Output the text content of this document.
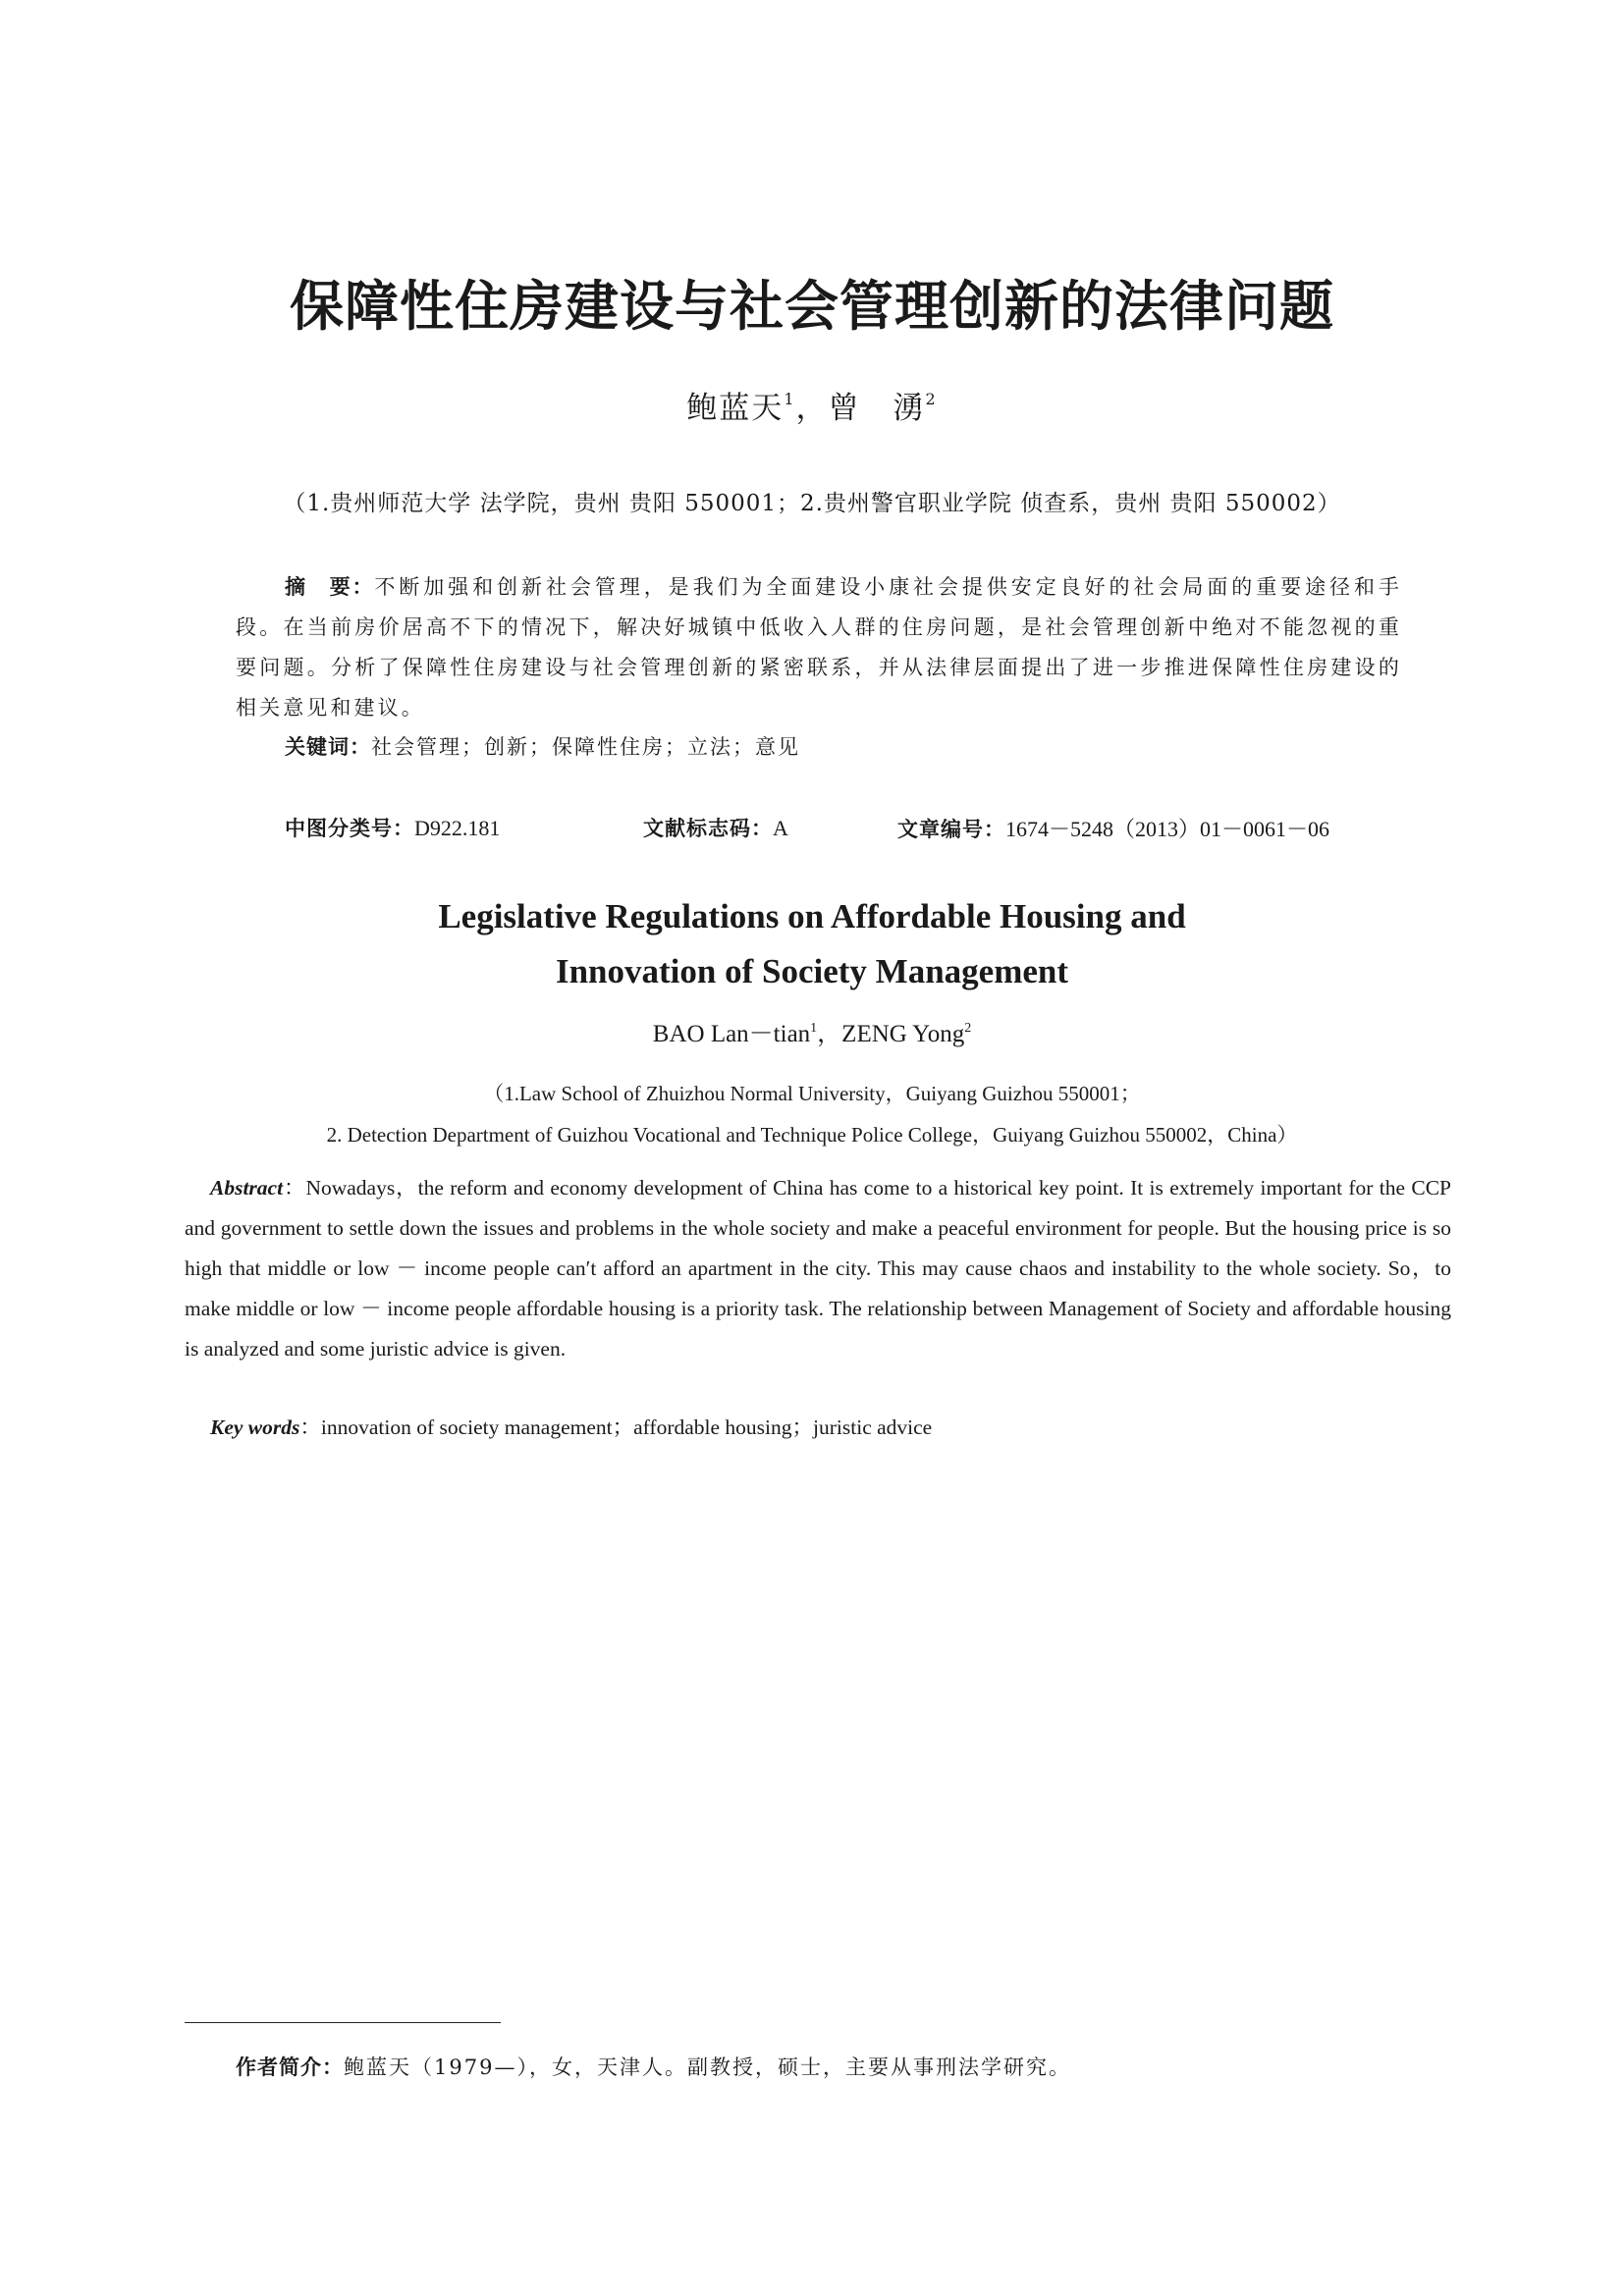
保障性住房建设与社会管理创新的法律问题
鲍蓝天$^1$，曾　湧$^2$
（1.贵州师范大学 法学院，贵州 贵阳 550001；2.贵州警官职业学院 侦查系，贵州 贵阳 550002）
摘　要：不断加强和创新社会管理，是我们为全面建设小康社会提供安定良好的社会局面的重要途径和手段。在当前房价居高不下的情况下，解决好城镇中低收入人群的住房问题，是社会管理创新中绝对不能忽视的重要问题。分析了保障性住房建设与社会管理创新的紧密联系，并从法律层面提出了进一步推进保障性住房建设的相关意见和建议。
关键词：社会管理；创新；保障性住房；立法；意见
中图分类号：D922.181	文献标志码：A	文章编号：1674－5248（2013）01－0061－06
Legislative Regulations on Affordable Housing and
Innovation of Society Management
BAO Lan－tian$^1$，ZENG Yong$^2$
（1.Law School of Zhuizhou Normal University，Guiyang Guizhou 550001；
2. Detection Department of Guizhou Vocational and Technique Police College，Guiyang Guizhou 550002，China）
Abstract：Nowadays，the reform and economy development of China has come to a historical key point. It is extremely important for the CCP and government to settle down the issues and problems in the whole society and make a peaceful environment for people. But the housing price is so high that middle or low － income people can′t afford an apartment in the city. This may cause chaos and instability to the whole society. So，to make middle or low － income people affordable housing is a priority task. The relationship between Management of Society and affordable housing is analyzed and some juristic advice is given.
Key words：innovation of society management；affordable housing；juristic advice
作者简介：鲍蓝天（1979—），女，天津人。副教授，硕士，主要从事刑法学研究。
